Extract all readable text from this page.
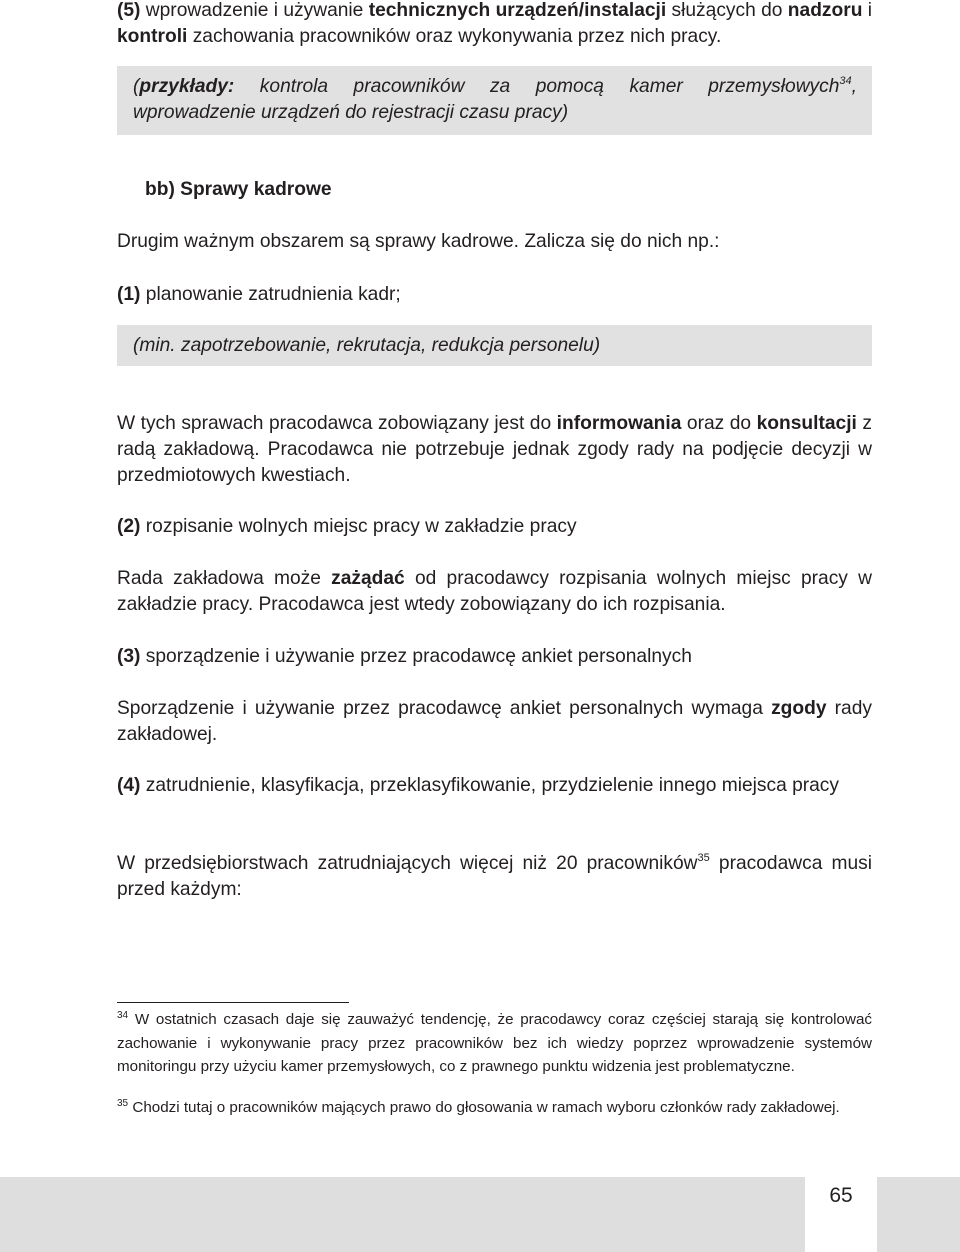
(5) wprowadzenie i używanie technicznych urządzeń/instalacji służących do nadzoru i kontroli zachowania pracowników oraz wykonywania przez nich pracy.

(przykłady: kontrola pracowników za pomocą kamer przemysłowych$^{34}$,

wprowadzenie urządzeń do rejestracji czasu pracy)

bb) Sprawy kadrowe

Drugim ważnym obszarem są sprawy kadrowe. Zalicza się do nich np.:

(1) planowanie zatrudnienia kadr;

(min. zapotrzebowanie, rekrutacja, redukcja personelu)

W tych sprawach pracodawca zobowiązany jest do informowania oraz do konsultacji z radą zakładową. Pracodawca nie potrzebuje jednak zgody rady na podjęcie decyzji w przedmiotowych kwestiach.

(2) rozpisanie wolnych miejsc pracy w zakładzie pracy

Rada zakładowa może zażądać od pracodawcy rozpisania wolnych miejsc pracy w zakładzie pracy. Pracodawca jest wtedy zobowiązany do ich rozpisania.

(3) sporządzenie i używanie przez pracodawcę ankiet personalnych

Sporządzenie i używanie przez pracodawcę ankiet personalnych wymaga zgody rady zakładowej.

(4) zatrudnienie, klasyfikacja, przeklasyfikowanie, przydzielenie innego miejsca pracy

W przedsiębiorstwach zatrudniających więcej niż 20 pracowników$^{35}$ pracodawca musi przed każdym:

$^{34}$ W ostatnich czasach daje się zauważyć tendencję, że pracodawcy coraz częściej starają się kontrolować zachowanie i wykonywanie pracy przez pracowników bez ich wiedzy poprzez wprowadzenie systemów monitoringu przy użyciu kamer przemysłowych, co z prawnego punktu widzenia jest problematyczne.

$^{35}$ Chodzi tutaj o pracowników mających prawo do głosowania w ramach wyboru członków rady zakładowej.

65
